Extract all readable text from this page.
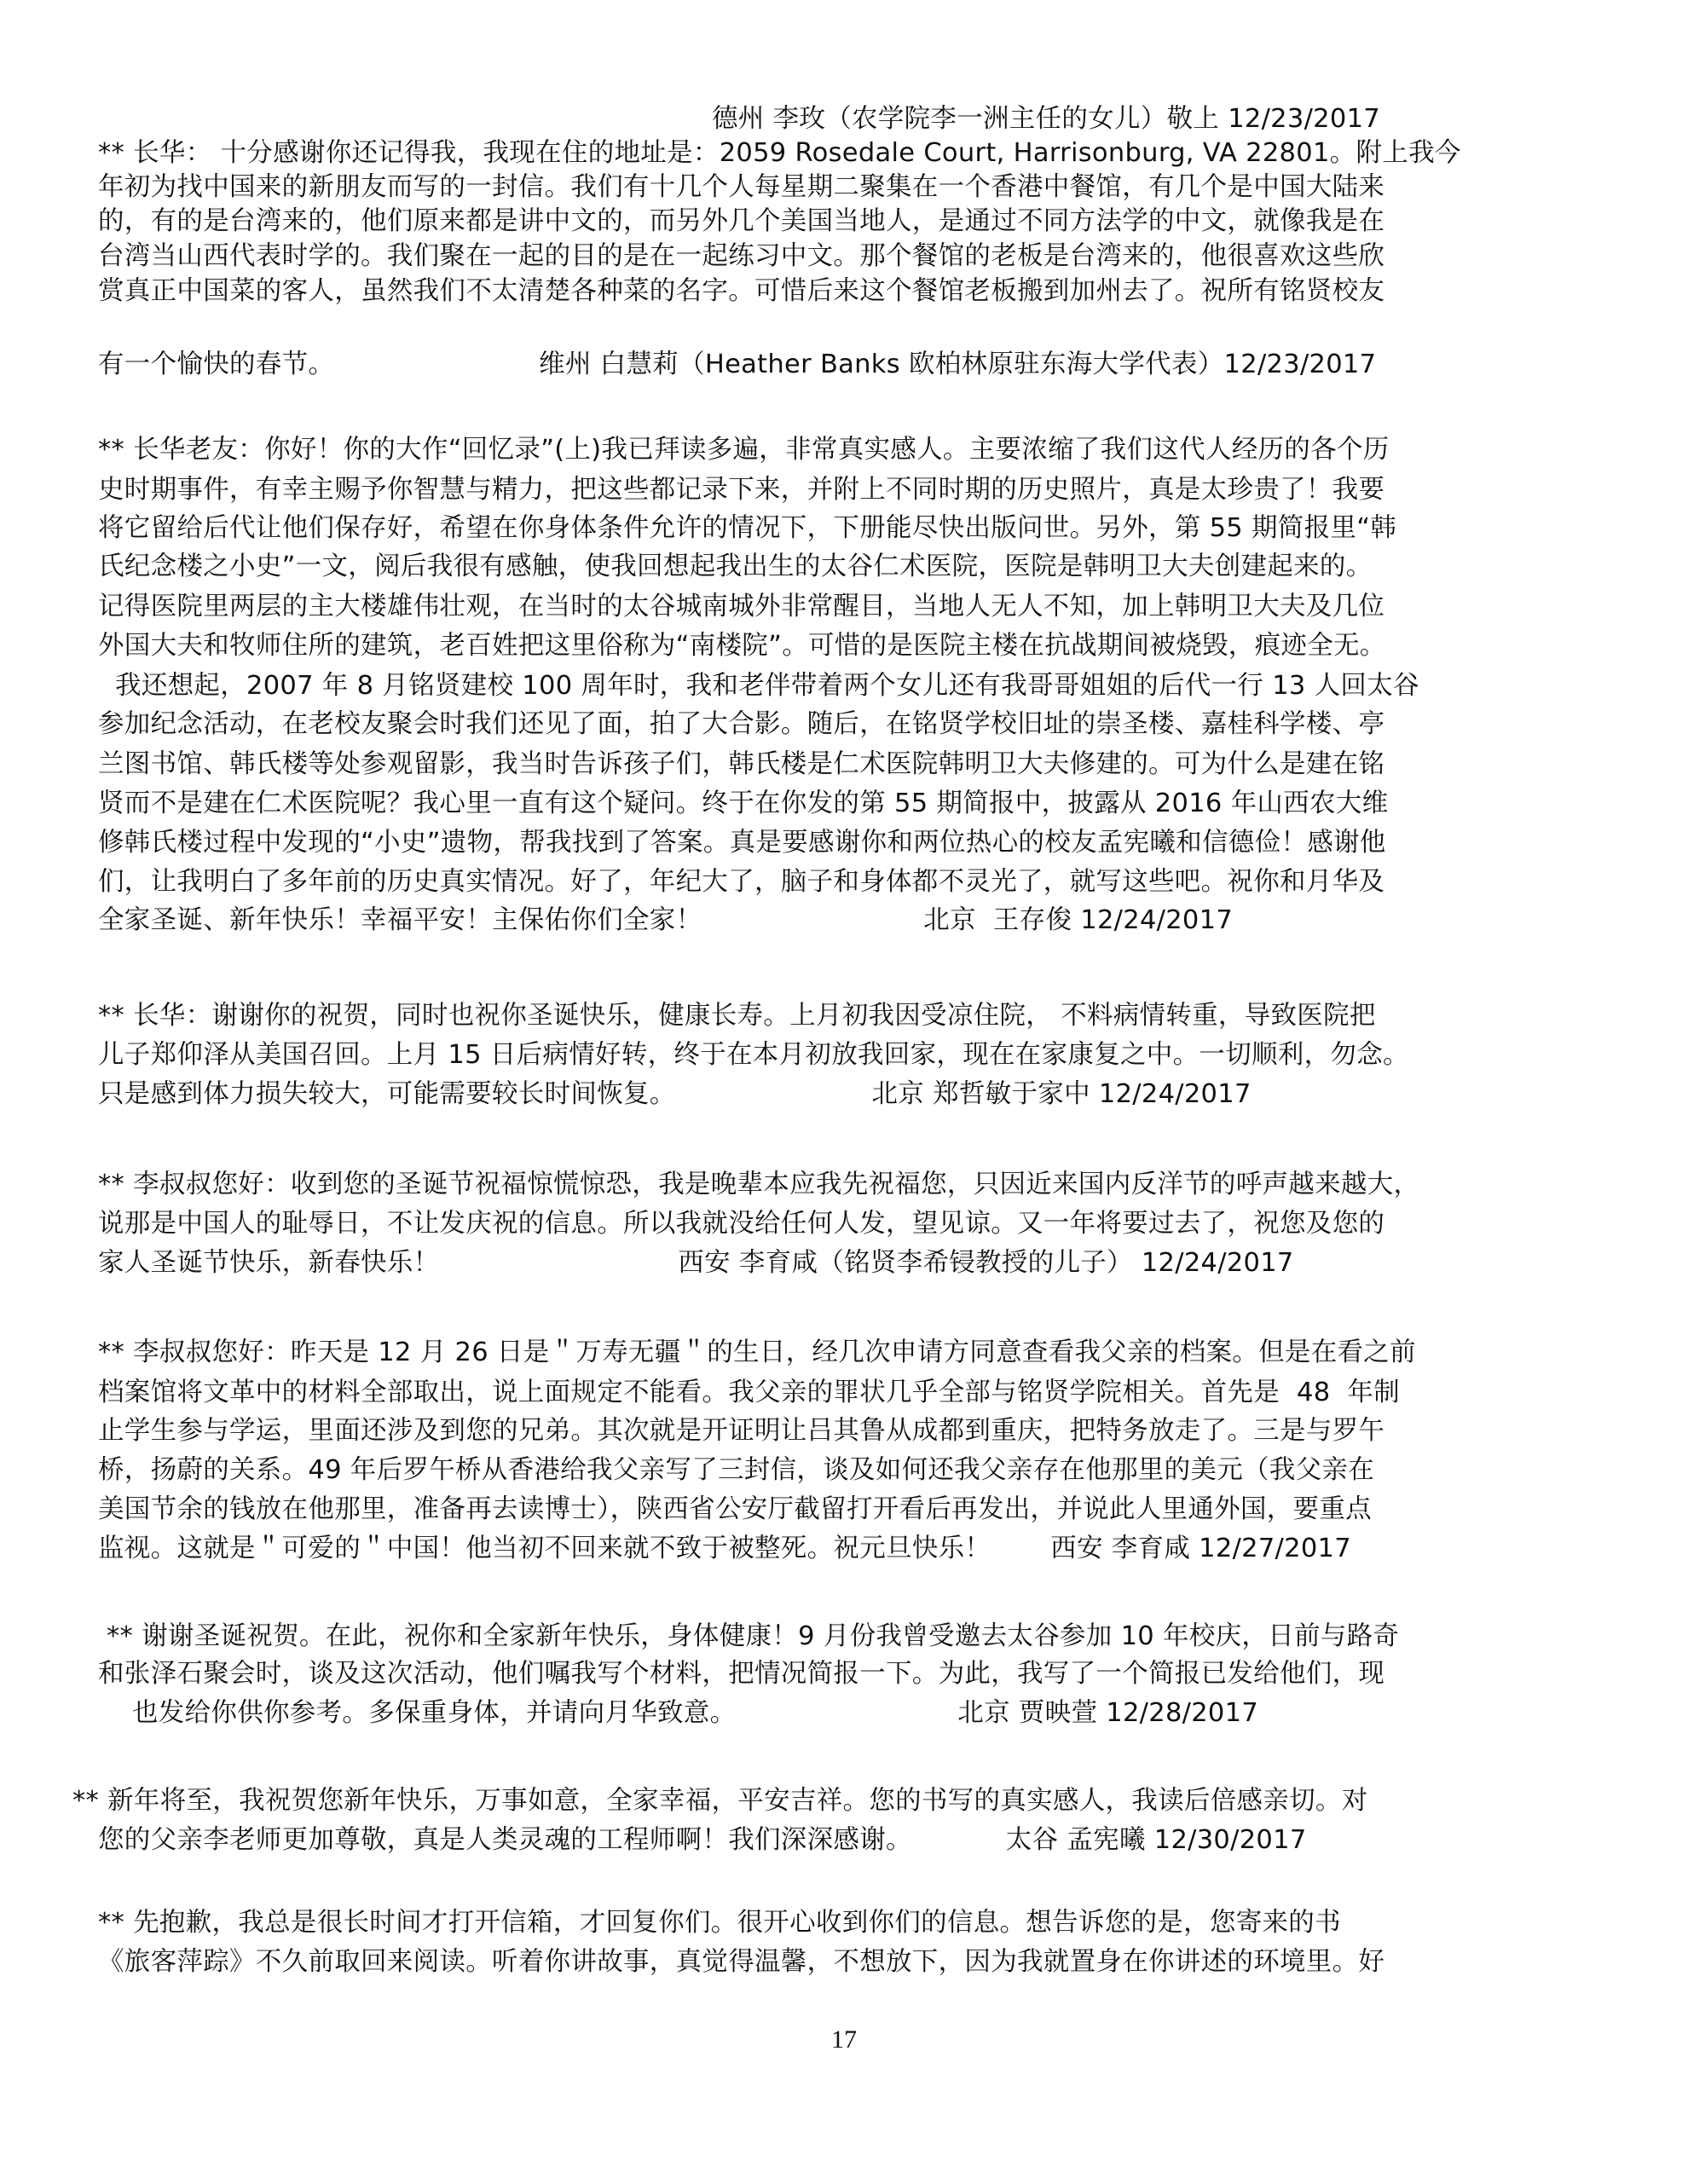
德州 李玫（农学院李一洲主任的女儿）敬上 12/23/2017
** 长华： 十分感谢你还记得我，我现在住的地址是：2059 Rosedale Court, Harrisonburg, VA 22801。附上我今
年初为找中国来的新朋友而写的一封信。我们有十几个人每星期二聚集在一个香港中餐馆，有几个是中国大陆来
的，有的是台湾来的，他们原来都是讲中文的，而另外几个美国当地人，是通过不同方法学的中文，就像我是在
台湾当山西代表时学的。我们聚在一起的目的是在一起练习中文。那个餐馆的老板是台湾来的，他很喜欢这些欣
赏真正中国菜的客人，虽然我们不太清楚各种菜的名字。可惜后来这个餐馆老板搬到加州去了。祝所有铭贤校友
有一个愉快的春节。                        维州 白慧莉（Heather Banks 欧柏林原驻东海大学代表）12/23/2017
** 长华老友：你好！你的大作“回忆录”(上)我已拜读多遍，非常真实感人。主要浓缩了我们这代人经历的各个历
史时期事件，有幸主赐予你智慧与精力，把这些都记录下来，并附上不同时期的历史照片，真是太珍贵了！我要
将它留给后代让他们保存好，希望在你身体条件允许的情况下，下册能尽快出版问世。另外，第 55 期简报里“韩
氏纪念楼之小史”一文，阅后我很有感触，使我回想起我出生的太谷仁术医院，医院是韩明卫大夫创建起来的。
记得医院里两层的主大楼雄伟壮观，在当时的太谷城南城外非常醒目，当地人无人不知，加上韩明卫大夫及几位
外国大夫和牧师住所的建筑，老百姓把这里俗称为“南楼院”。可惜的是医院主楼在抗战期间被烧毁，痕迹全无。
我还想起，2007 年 8 月铭贤建校 100 周年时，我和老伴带着两个女儿还有我哥哥姐姐的后代一行 13 人回太谷
参加纪念活动，在老校友聚会时我们还见了面，拍了大合影。随后，在铭贤学校旧址的崇圣楼、嘉桂科学楼、亭
兰图书馆、韩氏楼等处参观留影，我当时告诉孩子们，韩氏楼是仁术医院韩明卫大夫修建的。可为什么是建在铭
贤而不是建在仁术医院呢？我心里一直有这个疑问。终于在你发的第 55 期简报中，披露从 2016 年山西农大维
修韩氏楼过程中发现的“小史”遗物，帮我找到了答案。真是要感谢你和两位热心的校友孟宪曦和信德俭！感谢他
们，让我明白了多年前的历史真实情况。好了，年纪大了，脑子和身体都不灵光了，就写这些吧。祝你和月华及
全家圣诞、新年快乐！幸福平安！主保佑你们全家！                          北京  王存俊 12/24/2017
** 长华：谢谢你的祝贺，同时也祝你圣诞快乐，健康长寿。上月初我因受凉住院， 不料病情转重，导致医院把
儿子郑仰泽从美国召回。上月 15 日后病情好转，终于在本月初放我回家，现在在家康复之中。一切顺利，勿念。
只是感到体力损失较大，可能需要较长时间恢复。                       北京 郑哲敏于家中 12/24/2017
** 李叔叔您好：收到您的圣诞节祝福惊慌惊恐，我是晚辈本应我先祝福您，只因近来国内反洋节的呼声越来越大，
说那是中国人的耻辱日，不让发庆祝的信息。所以我就没给任何人发，望见谅。又一年将要过去了，祝您及您的
家人圣诞节快乐，新春快乐！                            西安 李育咸（铭贤李希锓教授的儿子） 12/24/2017
** 李叔叔您好：昨天是 12 月 26 日是＂万寿无疆＂的生日，经几次申请方同意查看我父亲的档案。但是在看之前
档案馆将文革中的材料全部取出，说上面规定不能看。我父亲的罪状几乎全部与铭贤学院相关。首先是  48  年制
止学生参与学运，里面还涉及到您的兄弟。其次就是开证明让吕其鲁从成都到重庆，把特务放走了。三是与罗午
桥，扬蔚的关系。49 年后罗午桥从香港给我父亲写了三封信，谈及如何还我父亲存在他那里的美元（我父亲在
美国节余的钱放在他那里，准备再去读博士），陕西省公安厅截留打开看后再发出，并说此人里通外国，要重点
监视。这就是＂可爱的＂中国！他当初不回来就不致于被整死。祝元旦快乐！       西安 李育咸 12/27/2017
** 谢谢圣诞祝贺。在此，祝你和全家新年快乐，身体健康！9 月份我曾受邀去太谷参加 10 年校庆，日前与路奇
和张泽石聚会时，谈及这次活动，他们嘱我写个材料，把情况简报一下。为此，我写了一个简报已发给他们，现
也发给你供你参考。多保重身体，并请向月华致意。                          北京 贾映萱 12/28/2017
** 新年将至，我祝贺您新年快乐，万事如意，全家幸福，平安吉祥。您的书写的真实感人，我读后倍感亲切。对
您的父亲李老师更加尊敬，真是人类灵魂的工程师啊！我们深深感谢。           太谷 孟宪曦 12/30/2017
** 先抱歉，我总是很长时间才打开信箱，才回复你们。很开心收到你们的信息。想告诉您的是，您寄来的书
《旅客萍踪》不久前取回来阅读。听着你讲故事，真觉得温馨，不想放下，因为我就置身在你讲述的环境里。好
17
